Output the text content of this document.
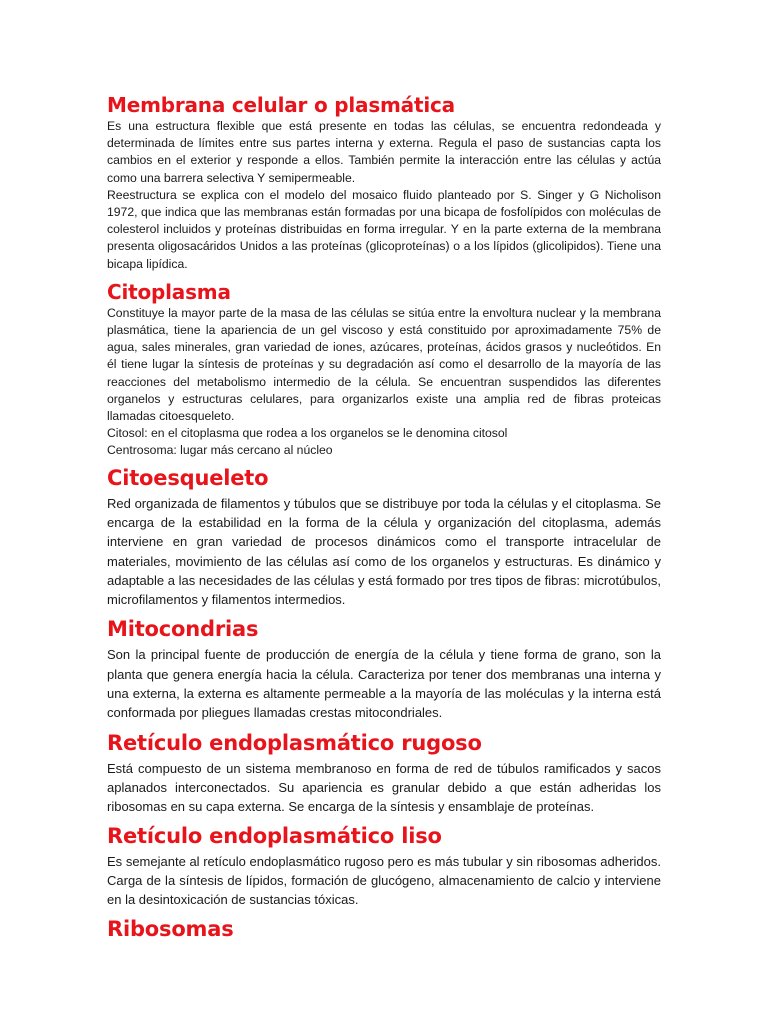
Membrana celular o plasmática

Es una estructura flexible que está presente en todas las células, se encuentra redondeada y determinada de límites entre sus partes interna y externa. Regula el paso de sustancias capta los cambios en el exterior y responde a ellos. También permite la interacción entre las células y actúa como una barrera selectiva Y semipermeable.

Reestructura se explica con el modelo del mosaico fluido planteado por S. Singer y G Nicholison 1972, que indica que las membranas están formadas por una bicapa de fosfolípidos con moléculas de colesterol incluidos y proteínas distribuidas en forma irregular. Y en la parte externa de la membrana presenta oligosacáridos Unidos a las proteínas (glicoproteínas) o a los lípidos (glicolipidos). Tiene una bicapa lipídica.

Citoplasma

Constituye la mayor parte de la masa de las células se sitúa entre la envoltura nuclear y la membrana plasmática, tiene la apariencia de un gel viscoso y está constituido por aproximadamente 75% de agua, sales minerales, gran variedad de iones, azúcares, proteínas, ácidos grasos y nucleótidos. En él tiene lugar la síntesis de proteínas y su degradación así como el desarrollo de la mayoría de las reacciones del metabolismo intermedio de la célula. Se encuentran suspendidos las diferentes organelos y estructuras celulares, para organizarlos existe una amplia red de fibras proteicas llamadas citoesqueleto.

Citosol: en el citoplasma que rodea a los organelos se le denomina citosol

Centrosoma: lugar más cercano al núcleo

Citoesqueleto

Red organizada de filamentos y túbulos que se distribuye por toda la células y el citoplasma. Se encarga de la estabilidad en la forma de la célula y organización del citoplasma, además interviene en gran variedad de procesos dinámicos como el transporte intracelular de materiales, movimiento de las células así como de los organelos y estructuras. Es dinámico y adaptable a las necesidades de las células y está formado por tres tipos de fibras: microtúbulos, microfilamentos y filamentos intermedios.

Mitocondrias

Son la principal fuente de producción de energía de la célula y tiene forma de grano, son la planta que genera energía hacia la célula. Caracteriza por tener dos membranas una interna y una externa, la externa es altamente permeable a la mayoría de las moléculas y la interna está conformada por pliegues llamadas crestas mitocondriales.

Retículo endoplasmático rugoso

Está compuesto de un sistema membranoso en forma de red de túbulos ramificados y sacos aplanados interconectados. Su apariencia es granular debido a que están adheridas los ribosomas en su capa externa. Se encarga de la síntesis y ensamblaje de proteínas.

Retículo endoplasmático liso

Es semejante al retículo endoplasmático rugoso pero es más tubular y sin ribosomas adheridos. Carga de la síntesis de lípidos, formación de glucógeno, almacenamiento de calcio y interviene en la desintoxicación de sustancias tóxicas.

Ribosomas
